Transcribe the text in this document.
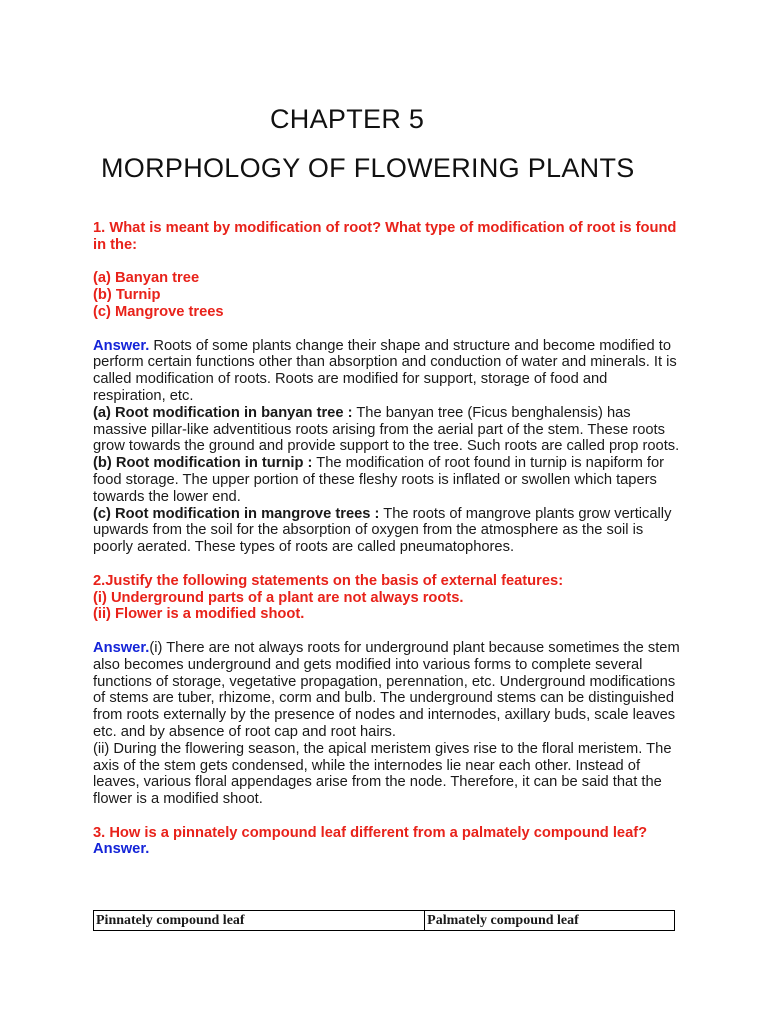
CHAPTER 5
MORPHOLOGY OF FLOWERING PLANTS

1. What is meant by modification of root? What type of modification of root is found in the:

(a) Banyan tree

(b) Turnip

(c) Mangrove trees

Answer. Roots of some plants change their shape and structure and become modified to perform certain functions other than absorption and conduction of water and minerals. It is called modification of roots. Roots are modified for support, storage of food and respiration, etc.

(a) Root modification in banyan tree : The banyan tree (Ficus benghalensis) has massive pillar-like adventitious roots arising from the aerial part of the stem. These roots grow towards the ground and provide support to the tree. Such roots are called prop roots.

(b) Root modification in turnip : The modification of root found in turnip is napiform for food storage. The upper portion of these fleshy roots is inflated or swollen which tapers towards the lower end.

(c) Root modification in mangrove trees : The roots of mangrove plants grow vertically upwards from the soil for the absorption of oxygen from the atmosphere as the soil is poorly aerated. These types of roots are called pneumatophores.

2.Justify the following statements on the basis of external features:

(i) Underground parts of a plant are not always roots.

(ii) Flower is a modified shoot.

Answer.(i) There are not always roots for underground plant because sometimes the stem also becomes underground and gets modified into various forms to complete several functions of storage, vegetative propagation, perennation, etc. Underground modifications of stems are tuber, rhizome, corm and bulb. The underground stems can be distinguished from roots externally by the presence of nodes and internodes, axillary buds, scale leaves etc. and by absence of root cap and root hairs.

(ii) During the flowering season, the apical meristem gives rise to the floral meristem. The axis of the stem gets condensed, while the internodes lie near each other. Instead of leaves, various floral appendages arise from the node. Therefore, it can be said that the flower is a modified shoot.

3. How is a pinnately compound leaf different from a palmately compound leaf?

Answer.

Pinnately compound leaf	Palmately compound leaf
